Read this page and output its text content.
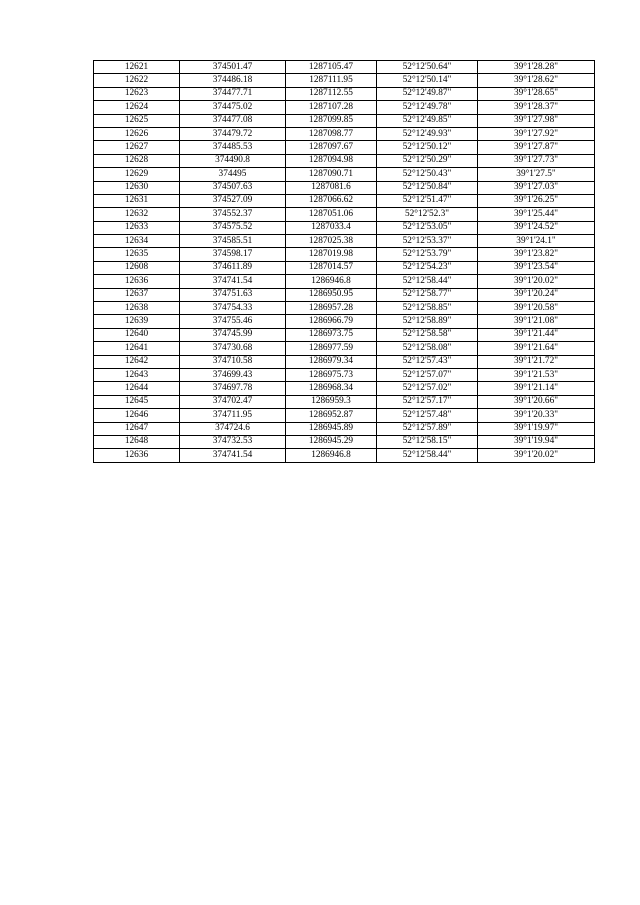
12621	374501.47	1287105.47	52°12'50.64"	39°1'28.28"
12622	374486.18	1287111.95	52°12'50.14"	39°1'28.62"
12623	374477.71	1287112.55	52°12'49.87"	39°1'28.65"
12624	374475.02	1287107.28	52°12'49.78"	39°1'28.37"
12625	374477.08	1287099.85	52°12'49.85"	39°1'27.98"
12626	374479.72	1287098.77	52°12'49.93"	39°1'27.92"
12627	374485.53	1287097.67	52°12'50.12"	39°1'27.87"
12628	374490.8	1287094.98	52°12'50.29"	39°1'27.73"
12629	374495	1287090.71	52°12'50.43"	39°1'27.5"
12630	374507.63	1287081.6	52°12'50.84"	39°1'27.03"
12631	374527.09	1287066.62	52°12'51.47"	39°1'26.25"
12632	374552.37	1287051.06	52°12'52.3"	39°1'25.44"
12633	374575.52	1287033.4	52°12'53.05"	39°1'24.52"
12634	374585.51	1287025.38	52°12'53.37"	39°1'24.1"
12635	374598.17	1287019.98	52°12'53.79"	39°1'23.82"
12608	374611.89	1287014.57	52°12'54.23"	39°1'23.54"
12636	374741.54	1286946.8	52°12'58.44"	39°1'20.02"
12637	374751.63	1286950.95	52°12'58.77"	39°1'20.24"
12638	374754.33	1286957.28	52°12'58.85"	39°1'20.58"
12639	374755.46	1286966.79	52°12'58.89"	39°1'21.08"
12640	374745.99	1286973.75	52°12'58.58"	39°1'21.44"
12641	374730.68	1286977.59	52°12'58.08"	39°1'21.64"
12642	374710.58	1286979.34	52°12'57.43"	39°1'21.72"
12643	374699.43	1286975.73	52°12'57.07"	39°1'21.53"
12644	374697.78	1286968.34	52°12'57.02"	39°1'21.14"
12645	374702.47	1286959.3	52°12'57.17"	39°1'20.66"
12646	374711.95	1286952.87	52°12'57.48"	39°1'20.33"
12647	374724.6	1286945.89	52°12'57.89"	39°1'19.97"
12648	374732.53	1286945.29	52°12'58.15"	39°1'19.94"
12636	374741.54	1286946.8	52°12'58.44"	39°1'20.02"
